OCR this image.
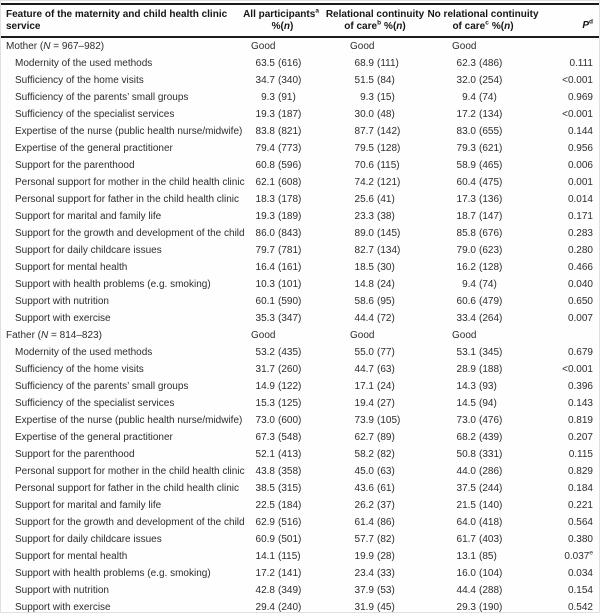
Feature of the maternity and child health clinic
service	All participants$^a$
%(n)	Relational continuity
of care$^b$ %(n)	No relational continuity
of care$^c$ %(n)	$P^d$
Mother (N = 967–982)	Good	Good	Good	
Modernity of the used methods	63.5 (616)	68.9 (111)	62.3 (486)	0.111
Sufficiency of the home visits	34.7 (340)	51.5 (84)	32.0 (254)	<0.001
Sufficiency of the parents’ small groups	9.3 (91)	9.3 (15)	9.4 (74)	0.969
Sufficiency of the specialist services	19.3 (187)	30.0 (48)	17.2 (134)	<0.001
Expertise of the nurse (public health nurse/midwife)	83.8 (821)	87.7 (142)	83.0 (655)	0.144
Expertise of the general practitioner	79.4 (773)	79.5 (128)	79.3 (621)	0.956
Support for the parenthood	60.8 (596)	70.6 (115)	58.9 (465)	0.006
Personal support for mother in the child health clinic	62.1 (608)	74.2 (121)	60.4 (475)	0.001
Personal support for father in the child health clinic	18.3 (178)	25.6 (41)	17.3 (136)	0.014
Support for marital and family life	19.3 (189)	23.3 (38)	18.7 (147)	0.171
Support for the growth and development of the child	86.0 (843)	89.0 (145)	85.8 (676)	0.283
Support for daily childcare issues	79.7 (781)	82.7 (134)	79.0 (623)	0.280
Support for mental health	16.4 (161)	18.5 (30)	16.2 (128)	0.466
Support with health problems (e.g. smoking)	10.3 (101)	14.8 (24)	9.4 (74)	0.040
Support with nutrition	60.1 (590)	58.6 (95)	60.6 (479)	0.650
Support with exercise	35.3 (347)	44.4 (72)	33.4 (264)	0.007
Father (N = 814–823)	Good	Good	Good	
Modernity of the used methods	53.2 (435)	55.0 (77)	53.1 (345)	0.679
Sufficiency of the home visits	31.7 (260)	44.7 (63)	28.9 (188)	<0.001
Sufficiency of the parents’ small groups	14.9 (122)	17.1 (24)	14.3 (93)	0.396
Sufficiency of the specialist services	15.3 (125)	19.4 (27)	14.5 (94)	0.143
Expertise of the nurse (public health nurse/midwife)	73.0 (600)	73.9 (105)	73.0 (476)	0.819
Expertise of the general practitioner	67.3 (548)	62.7 (89)	68.2 (439)	0.207
Support for the parenthood	52.1 (413)	58.2 (82)	50.8 (331)	0.115
Personal support for mother in the child health clinic	43.8 (358)	45.0 (63)	44.0 (286)	0.829
Personal support for father in the child health clinic	38.5 (315)	43.6 (61)	37.5 (244)	0.184
Support for marital and family life	22.5 (184)	26.2 (37)	21.5 (140)	0.221
Support for the growth and development of the child	62.9 (516)	61.4 (86)	64.0 (418)	0.564
Support for daily childcare issues	60.9 (501)	57.7 (82)	61.7 (403)	0.380
Support for mental health	14.1 (115)	19.9 (28)	13.1 (85)	0.037e
Support with health problems (e.g. smoking)	17.2 (141)	23.4 (33)	16.0 (104)	0.034
Support with nutrition	42.8 (349)	37.9 (53)	44.4 (288)	0.154
Support with exercise	29.4 (240)	31.9 (45)	29.3 (190)	0.542
